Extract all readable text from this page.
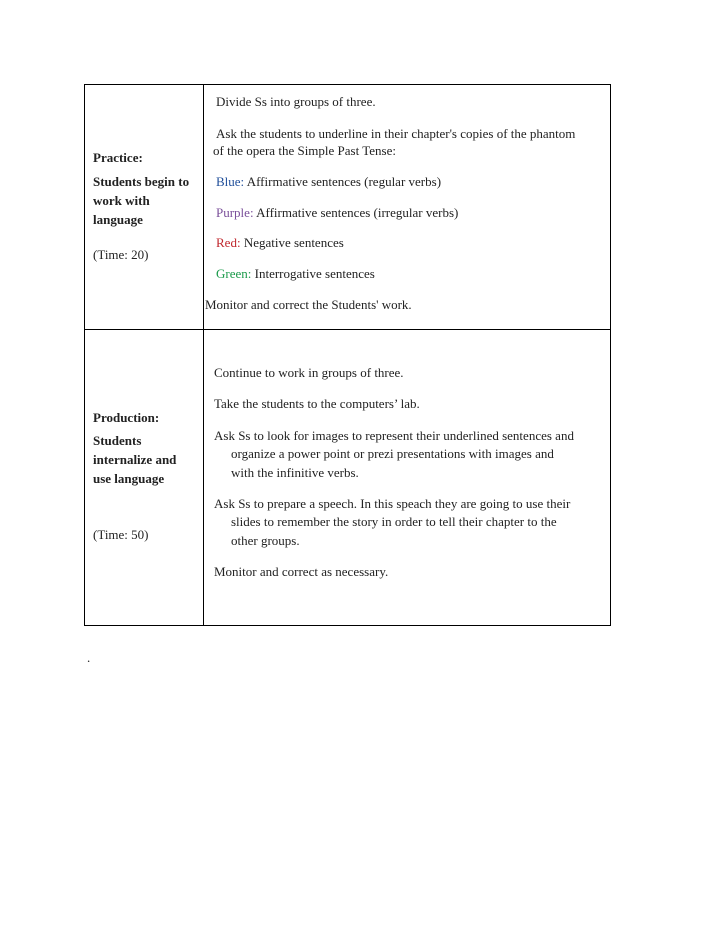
Practice:
Students begin to
work with
language
(Time: 20)
Divide Ss into groups of three.
Ask the students to underline in their chapter's copies of the phantom
of the opera the Simple Past Tense:
Blue: Affirmative sentences (regular verbs)
Purple: Affirmative sentences (irregular verbs)
Red: Negative sentences
Green: Interrogative sentences
Monitor and correct the Students' work.
Production:
Students
internalize and
use language
(Time: 50)
Continue to work in groups of three.
Take the students to the computers’ lab.
Ask Ss to look for images to represent their underlined sentences and
organize a power point or prezi presentations with images and
with the infinitive verbs.
Ask Ss to prepare a speech. In this speach they are going to use their
slides to remember the story in order to tell their chapter to the
other groups.
Monitor and correct as necessary.
.
